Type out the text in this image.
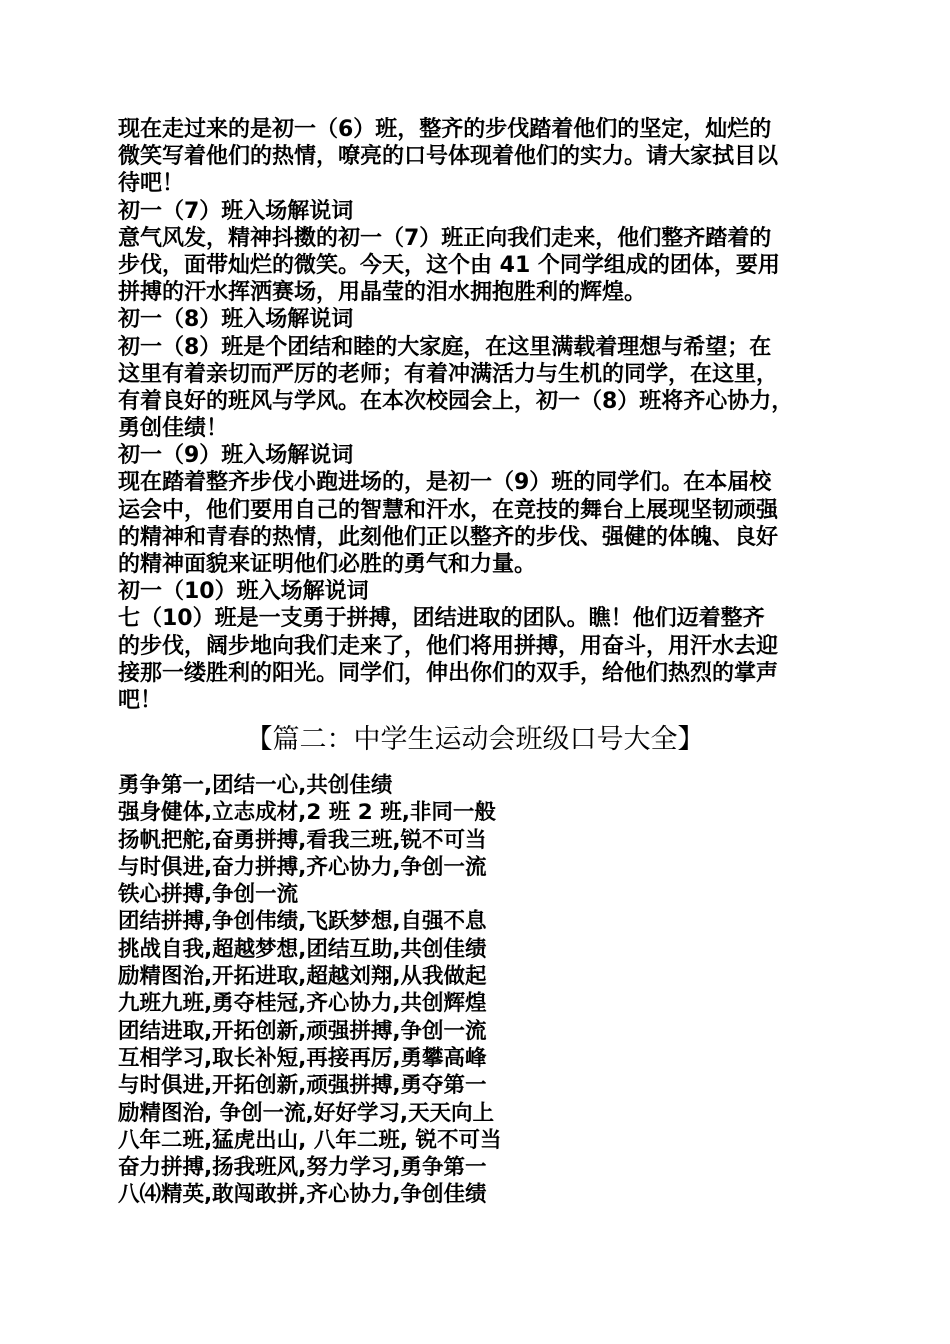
现在走过来的是初一（6）班，整齐的步伐踏着他们的坚定，灿烂的
微笑写着他们的热情，嘹亮的口号体现着他们的实力。请大家拭目以
待吧！
初一（7）班入场解说词
意气风发，精神抖擞的初一（7）班正向我们走来，他们整齐踏着的
步伐，面带灿烂的微笑。今天，这个由 41 个同学组成的团体，要用
拼搏的汗水挥洒赛场，用晶莹的泪水拥抱胜利的辉煌。
初一（8）班入场解说词
初一（8）班是个团结和睦的大家庭，在这里满载着理想与希望；在
这里有着亲切而严厉的老师；有着冲满活力与生机的同学，在这里，
有着良好的班风与学风。在本次校园会上，初一（8）班将齐心协力，
勇创佳绩！
初一（9）班入场解说词
现在踏着整齐步伐小跑进场的，是初一（9）班的同学们。在本届校
运会中，他们要用自己的智慧和汗水，在竞技的舞台上展现坚韧顽强
的精神和青春的热情，此刻他们正以整齐的步伐、强健的体魄、良好
的精神面貌来证明他们必胜的勇气和力量。
初一（10）班入场解说词
七（10）班是一支勇于拼搏，团结进取的团队。瞧！他们迈着整齐
的步伐，阔步地向我们走来了，他们将用拼搏，用奋斗，用汗水去迎
接那一缕胜利的阳光。同学们，伸出你们的双手，给他们热烈的掌声
吧！
【篇二：中学生运动会班级口号大全】
勇争第一,团结一心,共创佳绩
强身健体,立志成材,2 班 2 班,非同一般
扬帆把舵,奋勇拼搏,看我三班,锐不可当
与时俱进,奋力拼搏,齐心协力,争创一流
铁心拼搏,争创一流
团结拼搏,争创伟绩,飞跃梦想,自强不息
挑战自我,超越梦想,团结互助,共创佳绩
励精图治,开拓进取,超越刘翔,从我做起
九班九班,勇夺桂冠,齐心协力,共创辉煌
团结进取,开拓创新,顽强拼搏,争创一流
互相学习,取长补短,再接再厉,勇攀高峰
与时俱进,开拓创新,顽强拼搏,勇夺第一
励精图治, 争创一流,好好学习,天天向上
八年二班,猛虎出山, 八年二班, 锐不可当
奋力拼搏,扬我班风,努力学习,勇争第一
八⑷精英,敢闯敢拼,齐心协力,争创佳绩
